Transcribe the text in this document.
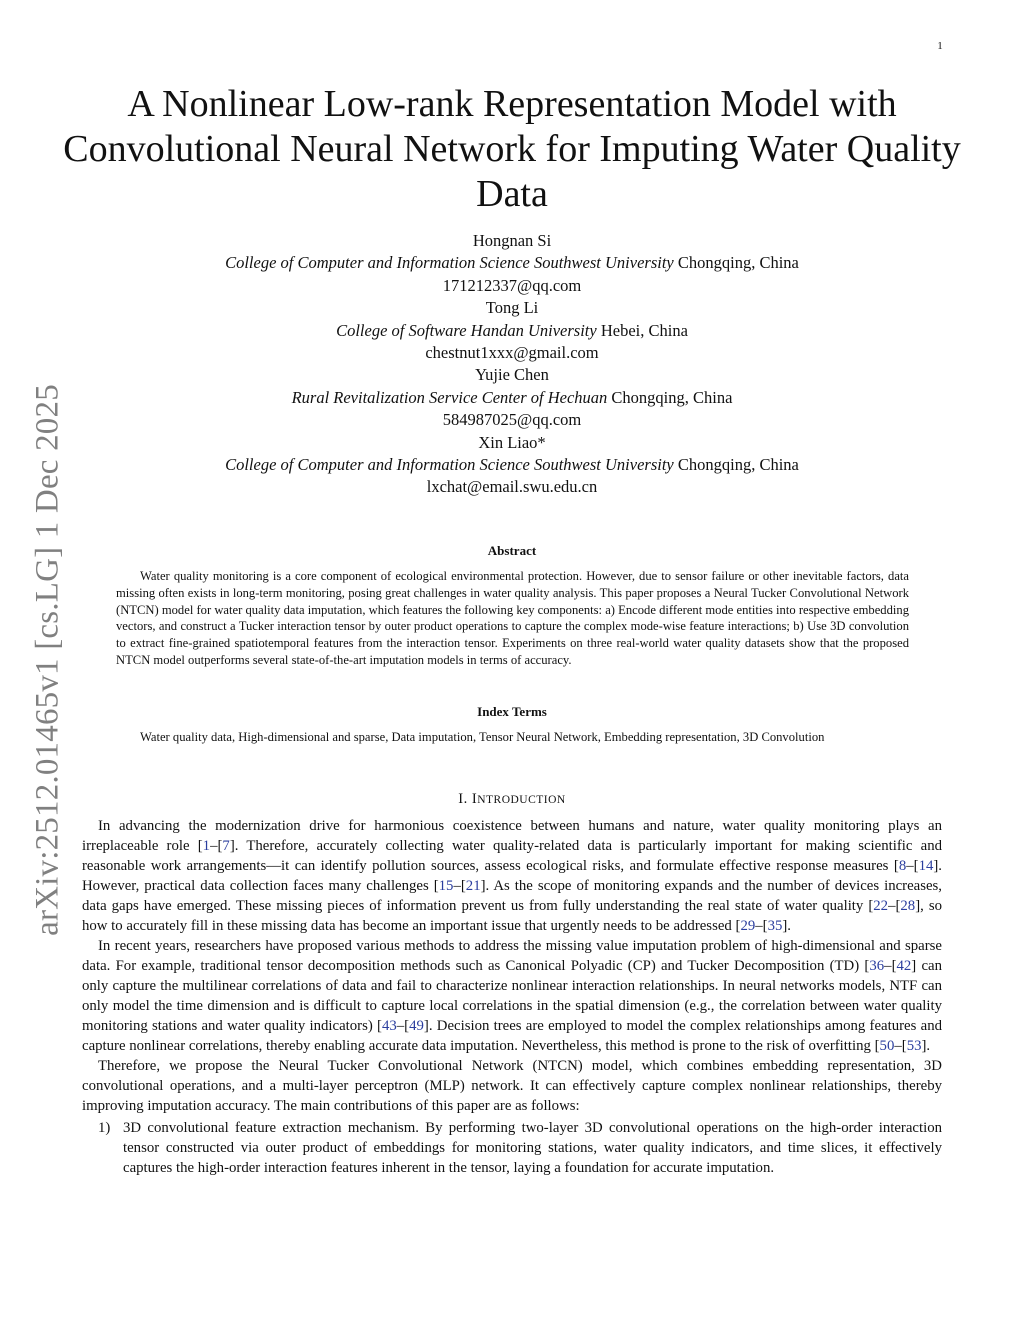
1
arXiv:2512.01465v1 [cs.LG] 1 Dec 2025
A Nonlinear Low-rank Representation Model with Convolutional Neural Network for Imputing Water Quality Data
Hongnan Si
College of Computer and Information Science Southwest University Chongqing, China
171212337@qq.com
Tong Li
College of Software Handan University Hebei, China
chestnut1xxx@gmail.com
Yujie Chen
Rural Revitalization Service Center of Hechuan Chongqing, China
584987025@qq.com
Xin Liao*
College of Computer and Information Science Southwest University Chongqing, China
lxchat@email.swu.edu.cn
Abstract

Water quality monitoring is a core component of ecological environmental protection. However, due to sensor failure or other inevitable factors, data missing often exists in long-term monitoring, posing great challenges in water quality analysis. This paper proposes a Neural Tucker Convolutional Network (NTCN) model for water quality data imputation, which features the following key components: a) Encode different mode entities into respective embedding vectors, and construct a Tucker interaction tensor by outer product operations to capture the complex mode-wise feature interactions; b) Use 3D convolution to extract fine-grained spatiotemporal features from the interaction tensor. Experiments on three real-world water quality datasets show that the proposed NTCN model outperforms several state-of-the-art imputation models in terms of accuracy.

Index Terms

Water quality data, High-dimensional and sparse, Data imputation, Tensor Neural Network, Embedding representation, 3D Convolution

I. INTRODUCTION

In advancing the modernization drive for harmonious coexistence between humans and nature, water quality monitoring plays an irreplaceable role [1–[7]. Therefore, accurately collecting water quality-related data is particularly important for making scientific and reasonable work arrangements—it can identify pollution sources, assess ecological risks, and formulate effective response measures [8–[14]. However, practical data collection faces many challenges [15–[21]. As the scope of monitoring expands and the number of devices increases, data gaps have emerged. These missing pieces of information prevent us from fully understanding the real state of water quality [22–[28], so how to accurately fill in these missing data has become an important issue that urgently needs to be addressed [29–[35].

In recent years, researchers have proposed various methods to address the missing value imputation problem of high-dimensional and sparse data. For example, traditional tensor decomposition methods such as Canonical Polyadic (CP) and Tucker Decomposition (TD) [36–[42] can only capture the multilinear correlations of data and fail to characterize nonlinear interaction relationships. In neural networks models, NTF can only model the time dimension and is difficult to capture local correlations in the spatial dimension (e.g., the correlation between water quality monitoring stations and water quality indicators) [43–[49]. Decision trees are employed to model the complex relationships among features and capture nonlinear correlations, thereby enabling accurate data imputation. Nevertheless, this method is prone to the risk of overfitting [50–[53].

Therefore, we propose the Neural Tucker Convolutional Network (NTCN) model, which combines embedding representation, 3D convolutional operations, and a multi-layer perceptron (MLP) network. It can effectively capture complex nonlinear relationships, thereby improving imputation accuracy. The main contributions of this paper are as follows:

1) 3D convolutional feature extraction mechanism. By performing two-layer 3D convolutional operations on the high-order interaction tensor constructed via outer product of embeddings for monitoring stations, water quality indicators, and time slices, it effectively captures the high-order interaction features inherent in the tensor, laying a foundation for accurate imputation.
